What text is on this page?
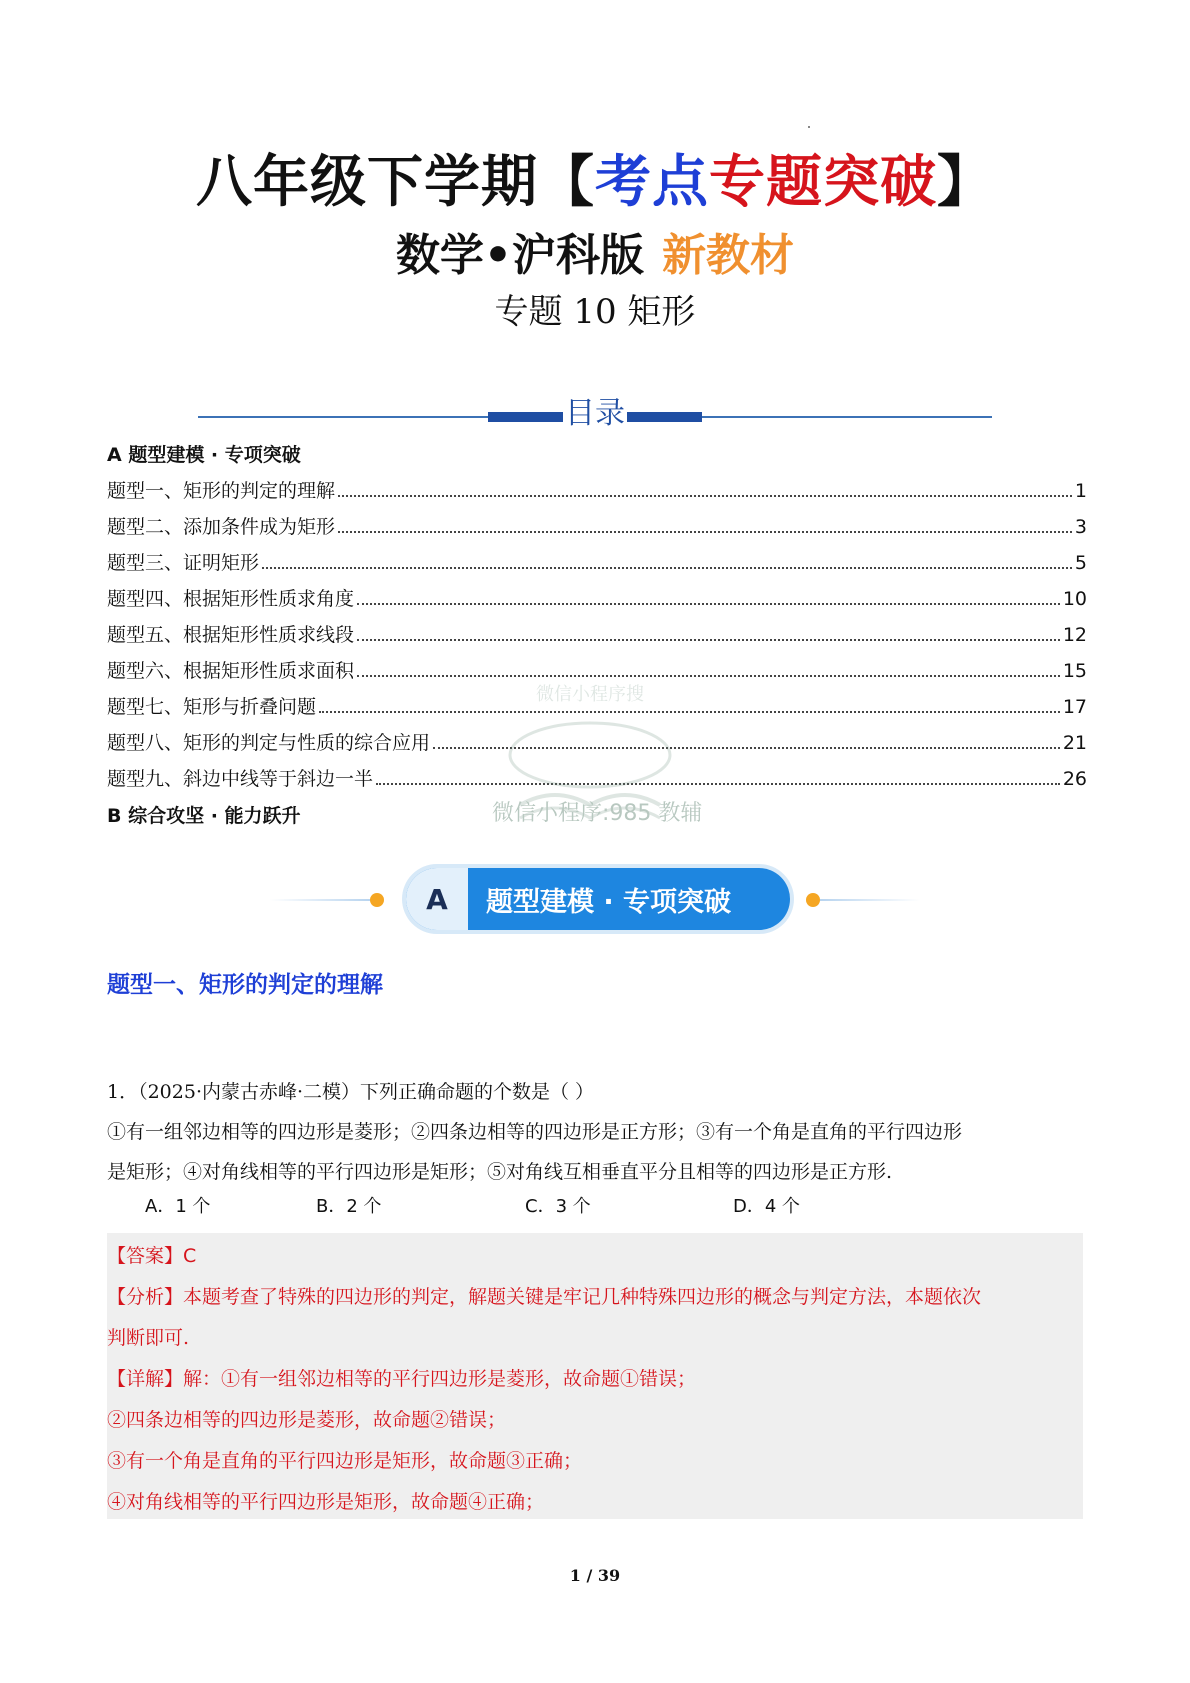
八年级下学期【考点专题突破】
数学•沪科版 新教材
专题 10 矩形
目录
A 题型建模 · 专项突破
题型一、矩形的判定的理解	1
题型二、添加条件成为矩形	3
题型三、证明矩形	5
题型四、根据矩形性质求角度	10
题型五、根据矩形性质求线段	12
题型六、根据矩形性质求面积	15
题型七、矩形与折叠问题	17
题型八、矩形的判定与性质的综合应用	21
题型九、斜边中线等于斜边一半	26
B 综合攻坚 · 能力跃升
微信小程序搜
微信小程序:985 教辅
A	题型建模 · 专项突破
题型一、矩形的判定的理解
1．（2025·内蒙古赤峰·二模）下列正确命题的个数是（ ）
①有一组邻边相等的四边形是菱形；②四条边相等的四边形是正方形；③有一个角是直角的平行四边形
是矩形；④对角线相等的平行四边形是矩形；⑤对角线互相垂直平分且相等的四边形是正方形.
A．1 个	B．2 个	C．3 个	D．4 个
【答案】C
【分析】本题考查了特殊的四边形的判定，解题关键是牢记几种特殊四边形的概念与判定方法，本题依次
判断即可.
【详解】解：①有一组邻边相等的平行四边形是菱形，故命题①错误；
②四条边相等的四边形是菱形，故命题②错误；
③有一个角是直角的平行四边形是矩形，故命题③正确；
④对角线相等的平行四边形是矩形，故命题④正确；
1 / 39
